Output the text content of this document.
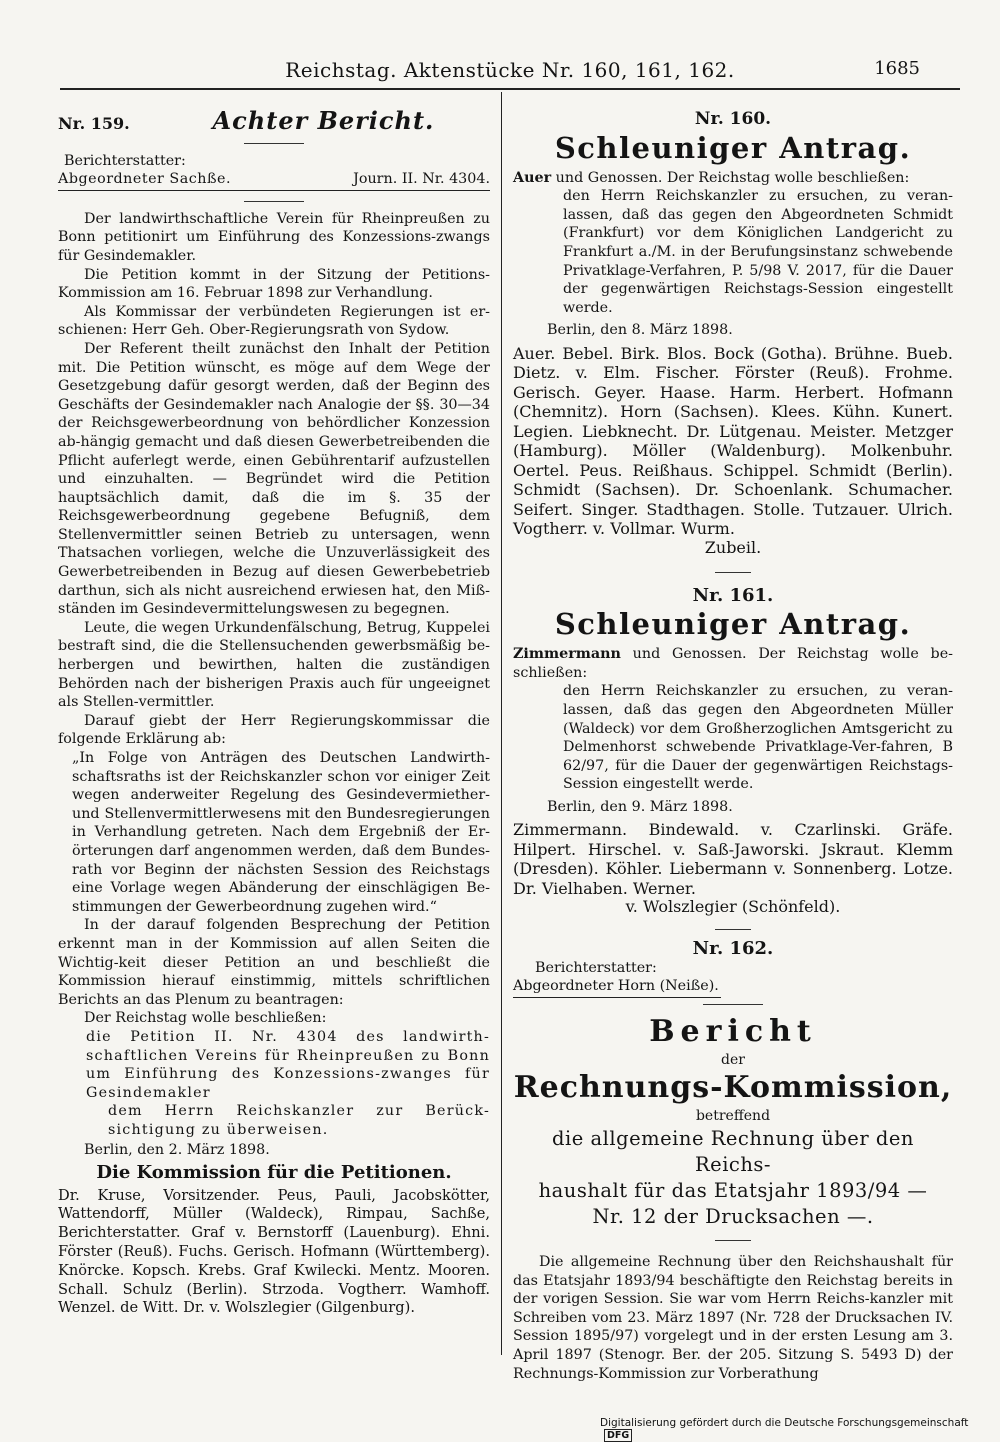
Reichstag. Aktenstücke Nr. 160, 161, 162.	1685
Nr. 159.	Achter Bericht.
Berichterstatter:
Abgeordneter Sachße.	Journ. II. Nr. 4304.

Der landwirthschaftliche Verein für Rheinpreußen zu Bonn petitionirt um Einführung des Konzessions-zwangs für Gesindemakler.

Die Petition kommt in der Sitzung der Petitions-Kommission am 16. Februar 1898 zur Verhandlung.

Als Kommissar der verbündeten Regierungen ist er-schienen: Herr Geh. Ober-Regierungsrath von Sydow.

Der Referent theilt zunächst den Inhalt der Petition mit. Die Petition wünscht, es möge auf dem Wege der Gesetzgebung dafür gesorgt werden, daß der Beginn des Geschäfts der Gesindemakler nach Analogie der §§. 30—34 der Reichsgewerbeordnung von behördlicher Konzession ab-hängig gemacht und daß diesen Gewerbetreibenden die Pflicht auferlegt werde, einen Gebührentarif aufzustellen und einzuhalten. — Begründet wird die Petition hauptsächlich damit, daß die im §. 35 der Reichsgewerbeordnung gegebene Befugniß, dem Stellenvermittler seinen Betrieb zu untersagen, wenn Thatsachen vorliegen, welche die Unzuverlässigkeit des Gewerbetreibenden in Bezug auf diesen Gewerbebetrieb darthun, sich als nicht ausreichend erwiesen hat, den Miß-ständen im Gesindevermittelungswesen zu begegnen.

Leute, die wegen Urkundenfälschung, Betrug, Kuppelei bestraft sind, die die Stellensuchenden gewerbsmäßig be-herbergen und bewirthen, halten die zuständigen Behörden nach der bisherigen Praxis auch für ungeeignet als Stellen-vermittler.

Darauf giebt der Herr Regierungskommissar die folgende Erklärung ab:

„In Folge von Anträgen des Deutschen Landwirth-schaftsraths ist der Reichskanzler schon vor einiger Zeit wegen anderweiter Regelung des Gesindevermiether- und Stellenvermittlerwesens mit den Bundesregierungen in Verhandlung getreten. Nach dem Ergebniß der Er-örterungen darf angenommen werden, daß dem Bundes-rath vor Beginn der nächsten Session des Reichstags eine Vorlage wegen Abänderung der einschlägigen Be-stimmungen der Gewerbeordnung zugehen wird.“

In der darauf folgenden Besprechung der Petition erkennt man in der Kommission auf allen Seiten die Wichtig-keit dieser Petition an und beschließt die Kommission hierauf einstimmig, mittels schriftlichen Berichts an das Plenum zu beantragen:

Der Reichstag wolle beschließen:

die Petition II. Nr. 4304 des landwirth-schaftlichen Vereins für Rheinpreußen zu Bonn um Einführung des Konzessions-zwanges für Gesindemakler

dem Herrn Reichskanzler zur Berück-sichtigung zu überweisen.

Berlin, den 2. März 1898.

Die Kommission für die Petitionen.

Dr. Kruse, Vorsitzender. Peus, Pauli, Jacobskötter, Wattendorff, Müller (Waldeck), Rimpau, Sachße, Berichterstatter. Graf v. Bernstorff (Lauenburg). Ehni. Förster (Reuß). Fuchs. Gerisch. Hofmann (Württemberg). Knörcke. Kopsch. Krebs. Graf Kwilecki. Mentz. Mooren. Schall. Schulz (Berlin). Strzoda. Vogtherr. Wamhoff. Wenzel. de Witt. Dr. v. Wolszlegier (Gilgenburg).

Nr. 160.
Schleuniger Antrag.

Auer und Genossen. Der Reichstag wolle beschließen:

den Herrn Reichskanzler zu ersuchen, zu veran-lassen, daß das gegen den Abgeordneten Schmidt (Frankfurt) vor dem Königlichen Landgericht zu Frankfurt a./M. in der Berufungsinstanz schwebende Privatklage-Verfahren, P. 5/98 V. 2017, für die Dauer der gegenwärtigen Reichstags-Session eingestellt werde.

Berlin, den 8. März 1898.

Auer. Bebel. Birk. Blos. Bock (Gotha). Brühne. Bueb. Dietz. v. Elm. Fischer. Förster (Reuß). Frohme. Gerisch. Geyer. Haase. Harm. Herbert. Hofmann (Chemnitz). Horn (Sachsen). Klees. Kühn. Kunert. Legien. Liebknecht. Dr. Lütgenau. Meister. Metzger (Hamburg). Möller (Waldenburg). Molkenbuhr. Oertel. Peus. Reißhaus. Schippel. Schmidt (Berlin). Schmidt (Sachsen). Dr. Schoenlank. Schumacher. Seifert. Singer. Stadthagen. Stolle. Tutzauer. Ulrich. Vogtherr. v. Vollmar. Wurm.

Zubeil.
Nr. 161.
Schleuniger Antrag.

Zimmermann und Genossen. Der Reichstag wolle be-schließen:

den Herrn Reichskanzler zu ersuchen, zu veran-lassen, daß das gegen den Abgeordneten Müller (Waldeck) vor dem Großherzoglichen Amtsgericht zu Delmenhorst schwebende Privatklage-Ver-fahren, B 62/97, für die Dauer der gegenwärtigen Reichstags-Session eingestellt werde.

Berlin, den 9. März 1898.

Zimmermann. Bindewald. v. Czarlinski. Gräfe. Hilpert. Hirschel. v. Saß-Jaworski. Jskraut. Klemm (Dresden). Köhler. Liebermann v. Sonnenberg. Lotze. Dr. Vielhaben. Werner.

v. Wolszlegier (Schönfeld).
Nr. 162.
Berichterstatter:
Abgeordneter Horn (Neiße).
Bericht
der
Rechnungs-Kommission,
betreffend
die allgemeine Rechnung über den Reichs-
haushalt für das Etatsjahr 1893/94 —
Nr. 12 der Drucksachen —.

Die allgemeine Rechnung über den Reichshaushalt für das Etatsjahr 1893/94 beschäftigte den Reichstag bereits in der vorigen Session. Sie war vom Herrn Reichs-kanzler mit Schreiben vom 23. März 1897 (Nr. 728 der Drucksachen IV. Session 1895/97) vorgelegt und in der ersten Lesung am 3. April 1897 (Stenogr. Ber. der 205. Sitzung S. 5493 D) der Rechnungs-Kommission zur Vorberathung

Digitalisierung gefördert durch die Deutsche Forschungsgemeinschaft DFG
